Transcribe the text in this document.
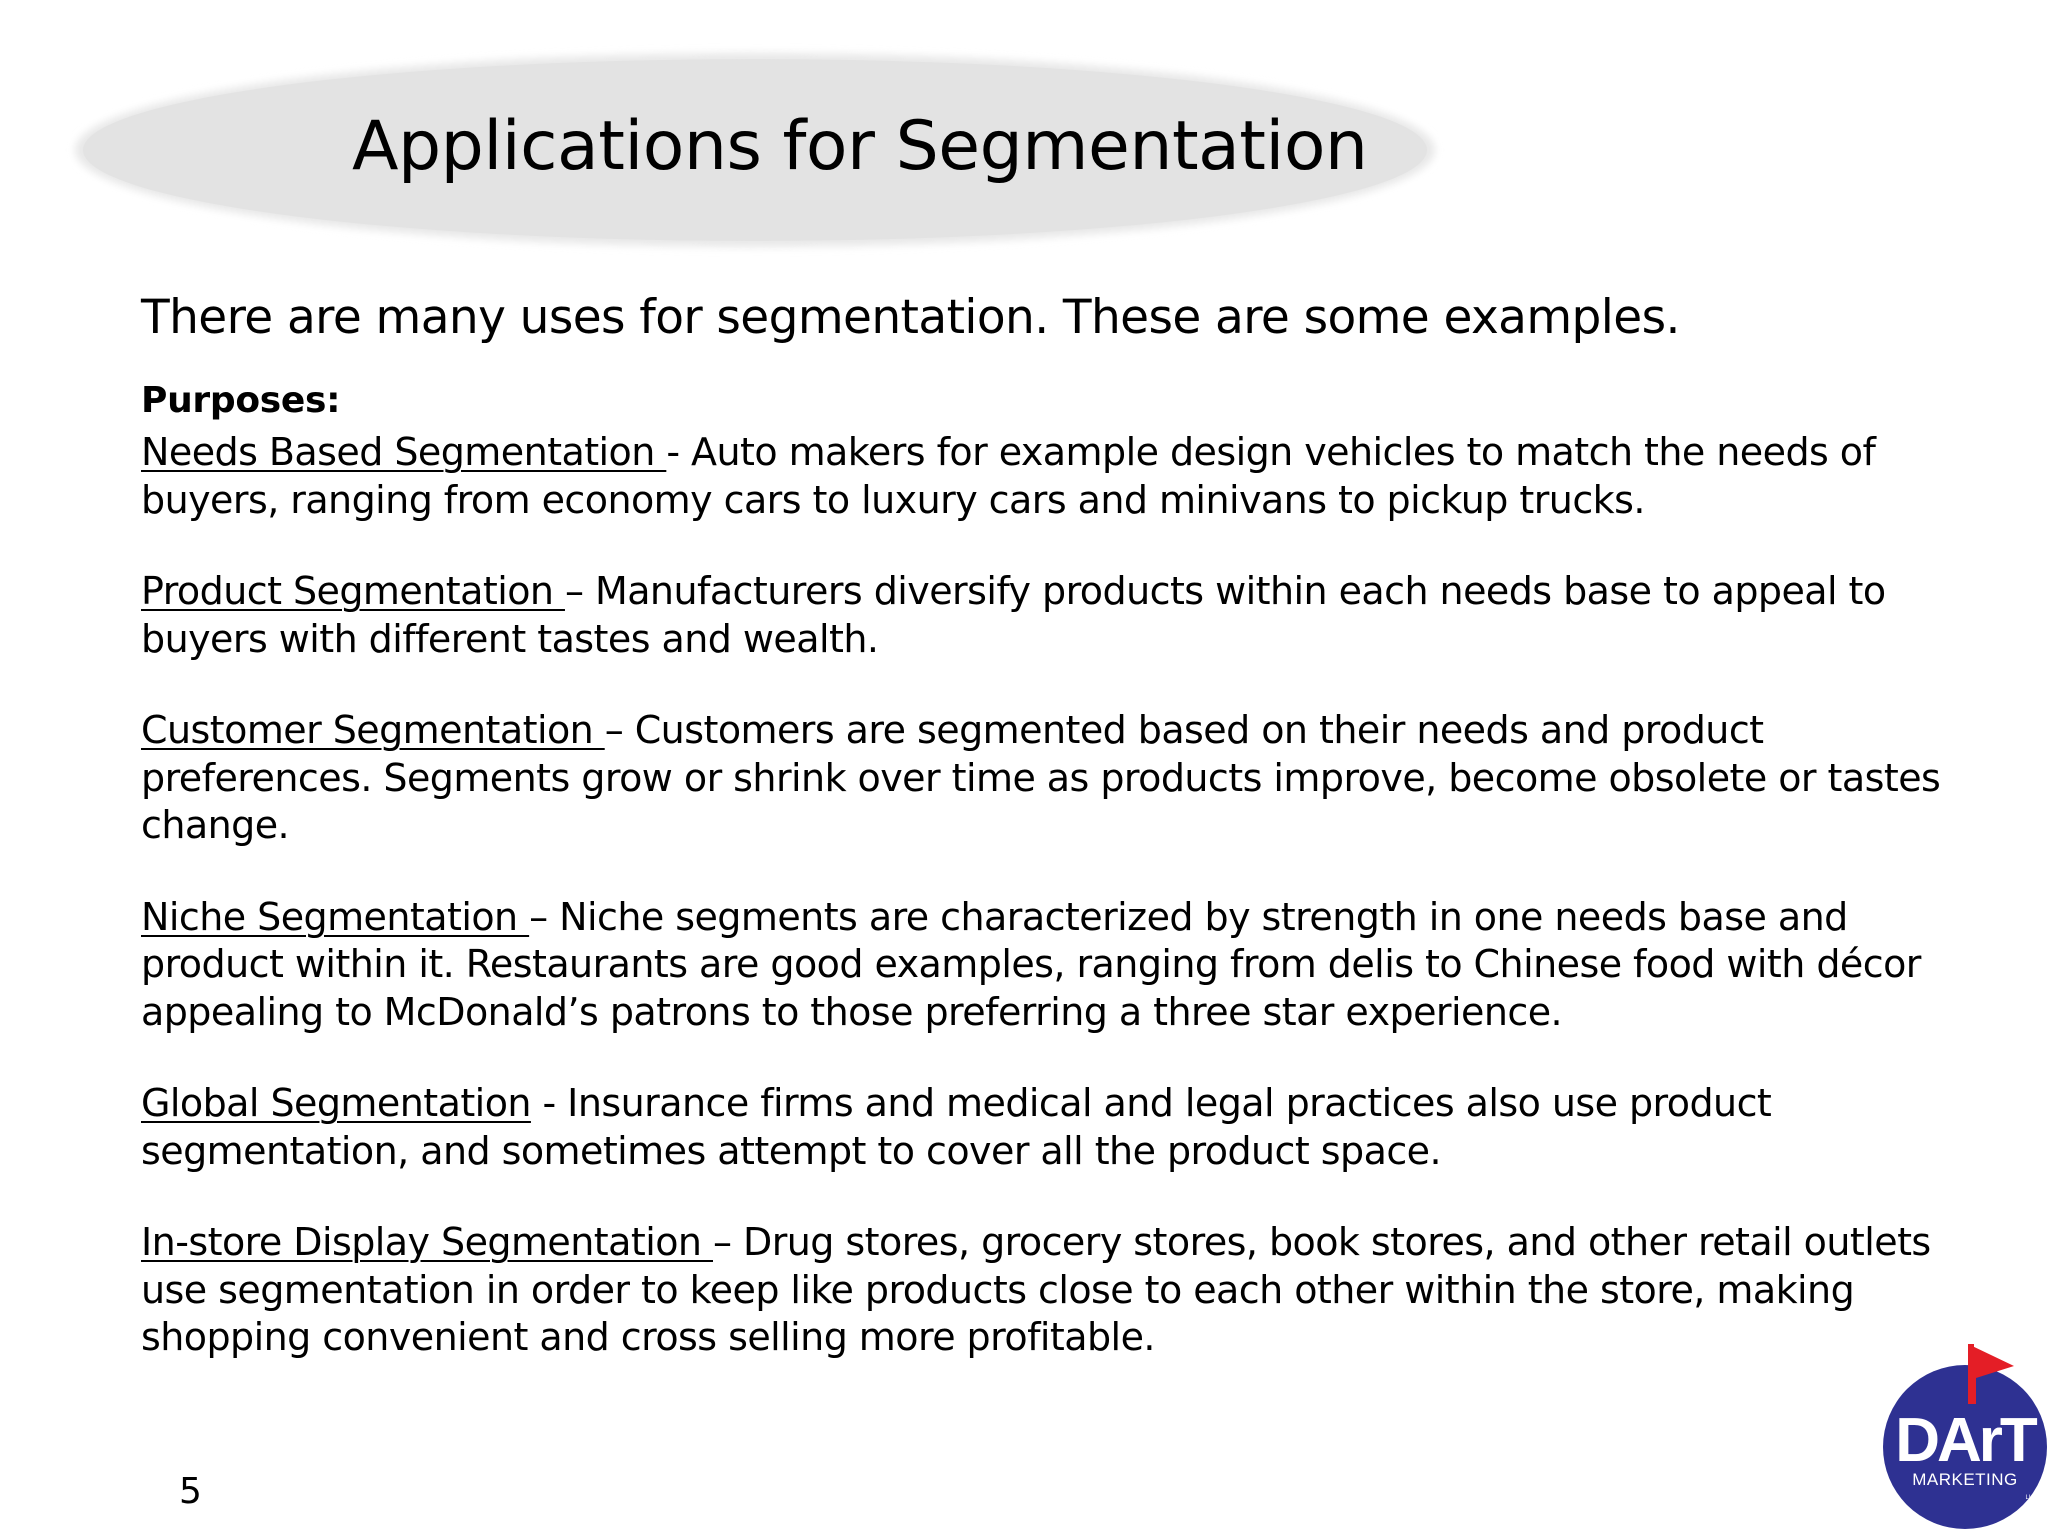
Applications for Segmentation

There are many uses for segmentation. These are some examples.

Purposes:

Needs Based Segmentation - Auto makers for example design vehicles to match the needs of buyers, ranging from economy cars to luxury cars and minivans to pickup trucks.

Product Segmentation – Manufacturers diversify products within each needs base to appeal to buyers with different tastes and wealth.

Customer Segmentation – Customers are segmented based on their needs and product preferences. Segments grow or shrink over time as products improve, become obsolete or tastes change.

Niche Segmentation – Niche segments are characterized by strength in one needs base and product within it. Restaurants are good examples, ranging from delis to Chinese food with décor appealing to McDonald’s patrons to those preferring a three star experience.

Global Segmentation - Insurance firms and medical and legal practices also use product segmentation, and sometimes attempt to cover all the product space.

In-store Display Segmentation – Drug stores, grocery stores, book stores, and other retail outlets use segmentation in order to keep like products close to each other within the store, making shopping convenient and cross selling more profitable.

5
DArT
MARKETING
LLC
